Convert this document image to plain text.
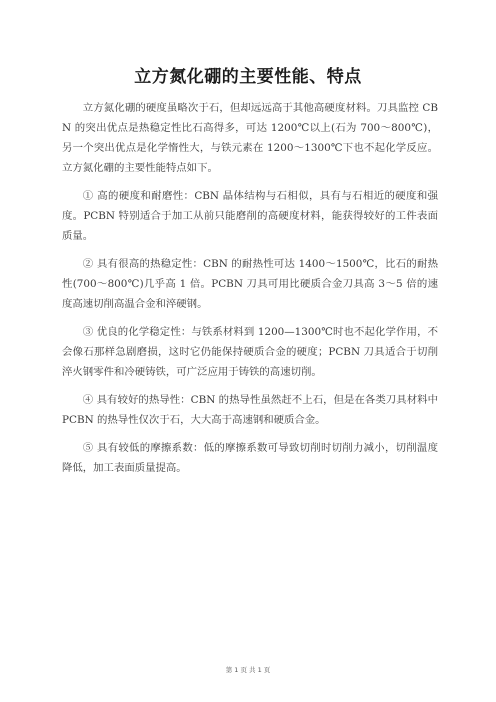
立方氮化硼的主要性能、特点

立方氮化硼的硬度虽略次于石，但却远远高于其他高硬度材料。刀具监控 CBN 的突出优点是热稳定性比石高得多，可达 1200℃以上(石为 700～800℃)，另一个突出优点是化学惰性大，与铁元素在 1200～1300℃下也不起化学反应。立方氮化硼的主要性能特点如下。

① 高的硬度和耐磨性：CBN 晶体结构与石相似，具有与石相近的硬度和强度。PCBN 特别适合于加工从前只能磨削的高硬度材料，能获得较好的工件表面质量。

② 具有很高的热稳定性：CBN 的耐热性可达 1400～1500℃，比石的耐热性(700～800℃)几乎高 1 倍。PCBN 刀具可用比硬质合金刀具高 3～5 倍的速度高速切削高温合金和淬硬钢。

③ 优良的化学稳定性：与铁系材料到 1200—1300℃时也不起化学作用，不会像石那样急剧磨损，这时它仍能保持硬质合金的硬度；PCBN 刀具适合于切削淬火钢零件和冷硬铸铁，可广泛应用于铸铁的高速切削。

④ 具有较好的热导性：CBN 的热导性虽然赶不上石，但是在各类刀具材料中 PCBN 的热导性仅次于石，大大高于高速钢和硬质合金。

⑤ 具有较低的摩擦系数：低的摩擦系数可导致切削时切削力减小，切削温度降低，加工表面质量提高。

第 1 页 共 1 页
